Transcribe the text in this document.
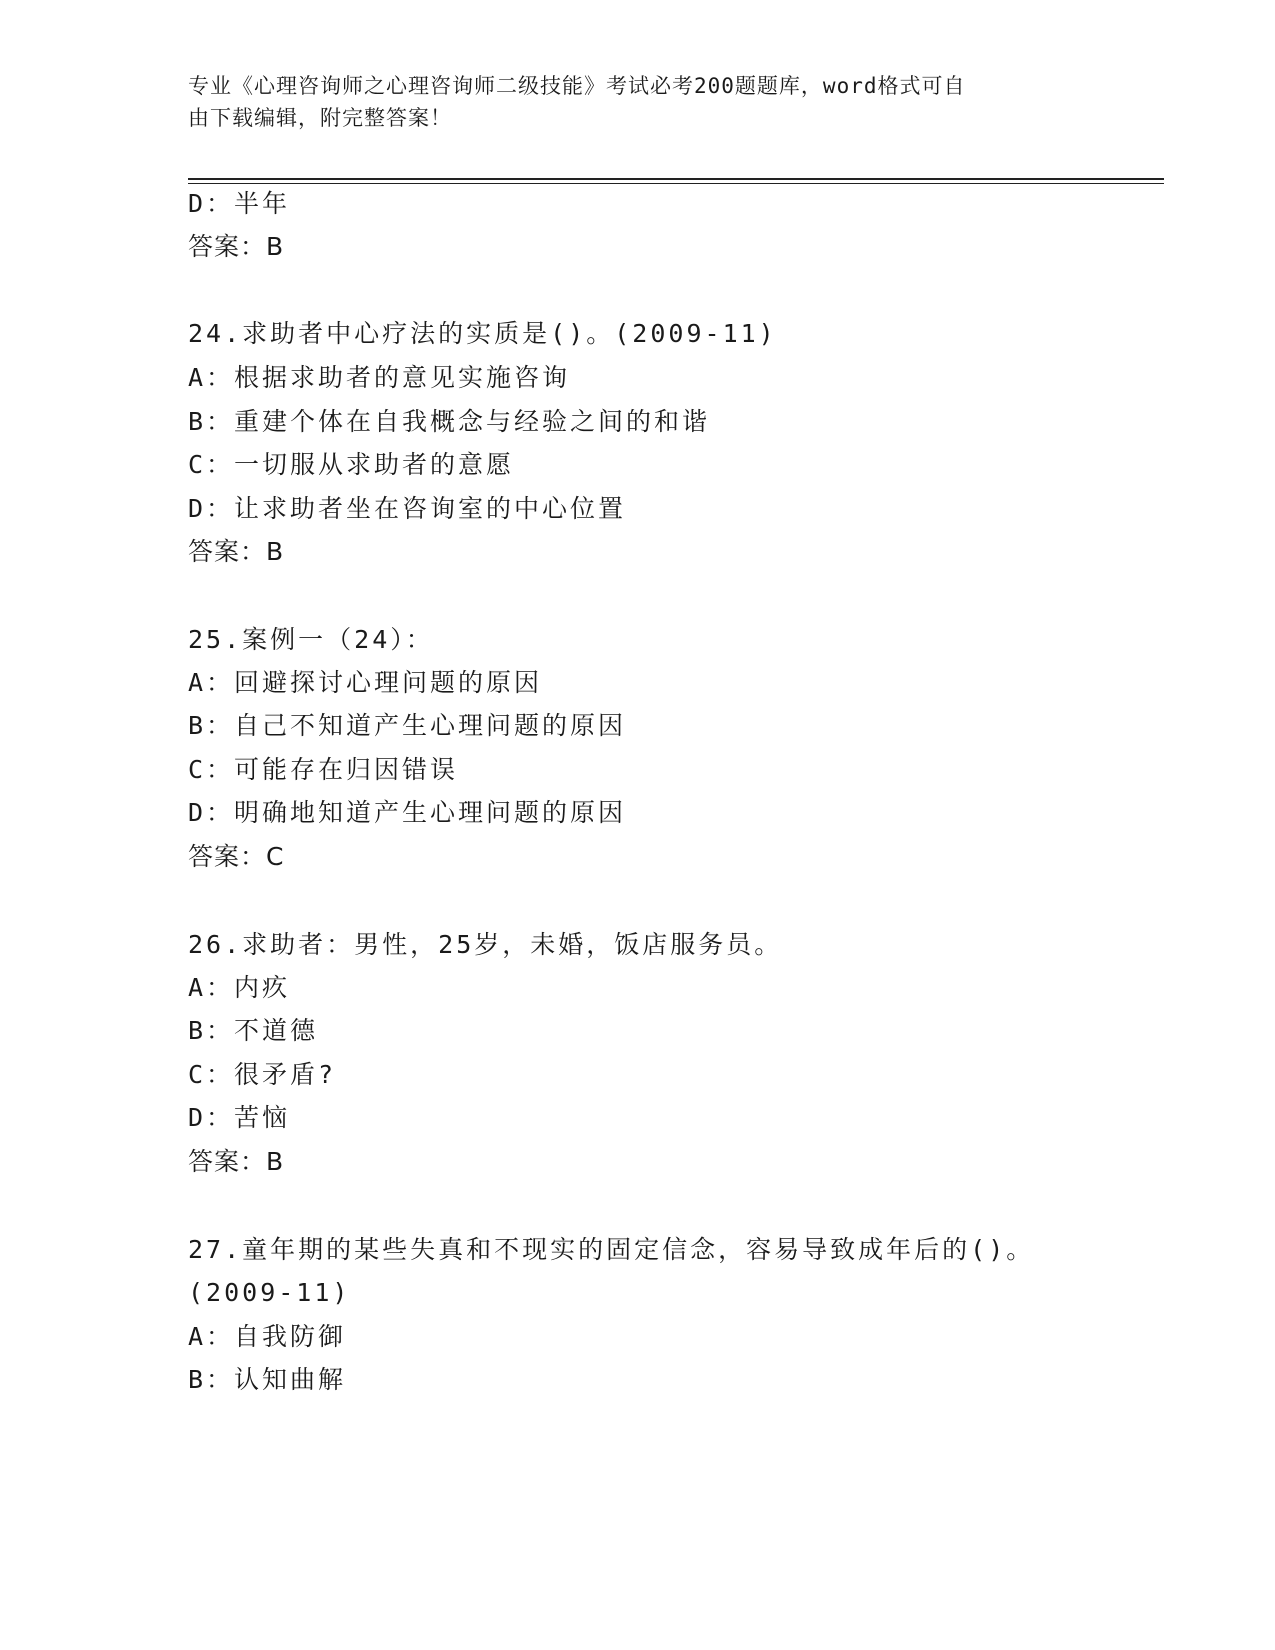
专业《心理咨询师之心理咨询师二级技能》考试必考200题题库，word格式可自
由下载编辑，附完整答案！
D：半年
答案：B
24.求助者中心疗法的实质是()。(2009-11)
A：根据求助者的意见实施咨询
B：重建个体在自我概念与经验之间的和谐
C：一切服从求助者的意愿
D：让求助者坐在咨询室的中心位置
答案：B
25.案例一（24）：
A：回避探讨心理问题的原因
B：自己不知道产生心理问题的原因
C：可能存在归因错误
D：明确地知道产生心理问题的原因
答案：C
26.求助者：男性，25岁，未婚，饭店服务员。
A：内疚
B：不道德
C：很矛盾?
D：苦恼
答案：B
27.童年期的某些失真和不现实的固定信念，容易导致成年后的()。
(2009-11)
A：自我防御
B：认知曲解
